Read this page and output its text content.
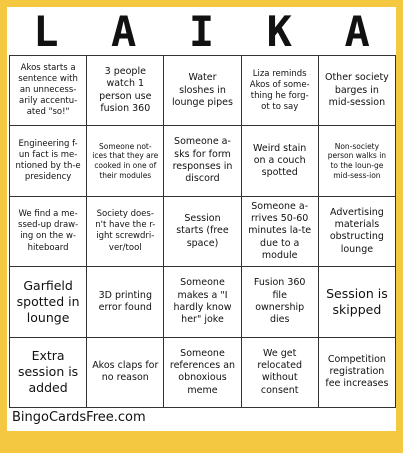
L	A	I	K	A
Akos starts a sentence with an unnecess-arily accentu-ated "so!"
3 people watch 1 person use fusion 360
Water sloshes in lounge pipes
Liza reminds Akos of some-thing he forg-ot to say
Other society barges in mid-session
Engineering f-un fact is me-ntioned by th-e presidency
Someone not-ices that they are cooked in one of their modules
Someone a-sks for form responses in discord
Weird stain on a couch spotted
Non-society person walks in to the loun-ge mid-sess-ion
We find a me-ssed-up draw-ing on the w-hiteboard
Society does-n't have the r-ight screwdri-ver/tool
Session starts (free space)
Someone a-rrives 50-60 minutes la-te due to a module
Advertising materials obstructing lounge
Garfield spotted in lounge
3D printing error found
Someone makes a "I hardly know her" joke
Fusion 360 file ownership dies
Session is skipped
Extra session is added
Akos claps for no reason
Someone references an obnoxious meme
We get relocated without consent
Competition registration fee increases
BingoCardsFree.com
